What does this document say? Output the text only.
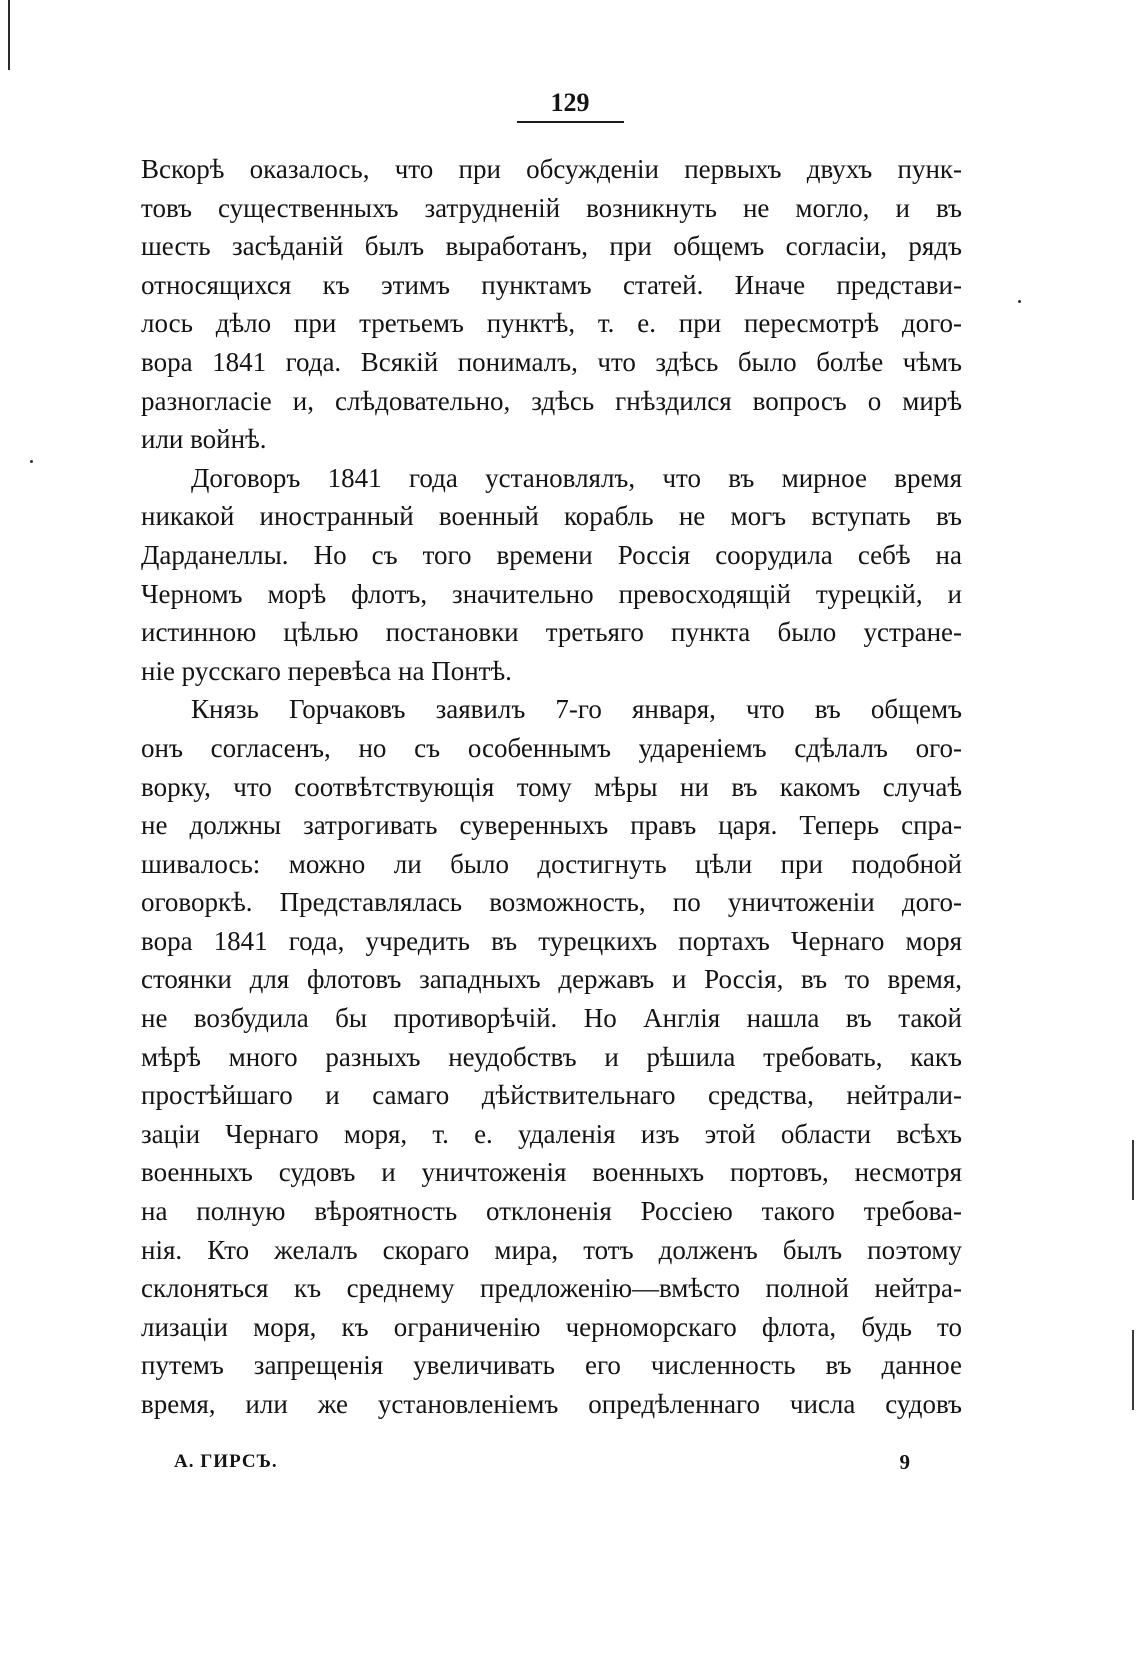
129
Вскорѣ оказалось, что при обсужденіи первыхъ двухъ пунк-
товъ существенныхъ затрудненій возникнуть не могло, и въ
шесть засѣданій былъ выработанъ, при общемъ согласіи, рядъ
относящихся къ этимъ пунктамъ статей. Иначе представи-
лось дѣло при третьемъ пунктѣ, т. е. при пересмотрѣ дого-
вора 1841 года. Всякій понималъ, что здѣсь было болѣе чѣмъ
разногласіе и, слѣдовательно, здѣсь гнѣздился вопросъ о мирѣ
или войнѣ.
Договоръ 1841 года установлялъ, что въ мирное время
никакой иностранный военный корабль не могъ вступать въ
Дарданеллы. Но съ того времени Россія соорудила себѣ на
Черномъ морѣ флотъ, значительно превосходящій турецкій, и
истинною цѣлью постановки третьяго пункта было устране-
ніе русскаго перевѣса на Понтѣ.
Князь Горчаковъ заявилъ 7-го января, что въ общемъ
онъ согласенъ, но съ особеннымъ удареніемъ сдѣлалъ ого-
ворку, что соотвѣтствующія тому мѣры ни въ какомъ случаѣ
не должны затрогивать суверенныхъ правъ царя. Теперь спра-
шивалось: можно ли было достигнуть цѣли при подобной
оговоркѣ. Представлялась возможность, по уничтоженіи дого-
вора 1841 года, учредить въ турецкихъ портахъ Чернаго моря
стоянки для флотовъ западныхъ державъ и Россія, въ то время,
не возбудила бы противорѣчій. Но Англія нашла въ такой
мѣрѣ много разныхъ неудобствъ и рѣшила требовать, какъ
простѣйшаго и самаго дѣйствительнаго средства, нейтрали-
заціи Чернаго моря, т. е. удаленія изъ этой области всѣхъ
военныхъ судовъ и уничтоженія военныхъ портовъ, несмотря
на полную вѣроятность отклоненія Россіею такого требова-
нія. Кто желалъ скораго мира, тотъ долженъ былъ поэтому
склоняться къ среднему предложенію—вмѣсто полной нейтра-
лизаціи моря, къ ограниченію черноморскаго флота, будь то
путемъ запрещенія увеличивать его численность въ данное
время, или же установленіемъ опредѣленнаго числа судовъ
А. ГИРСЪ.	9
